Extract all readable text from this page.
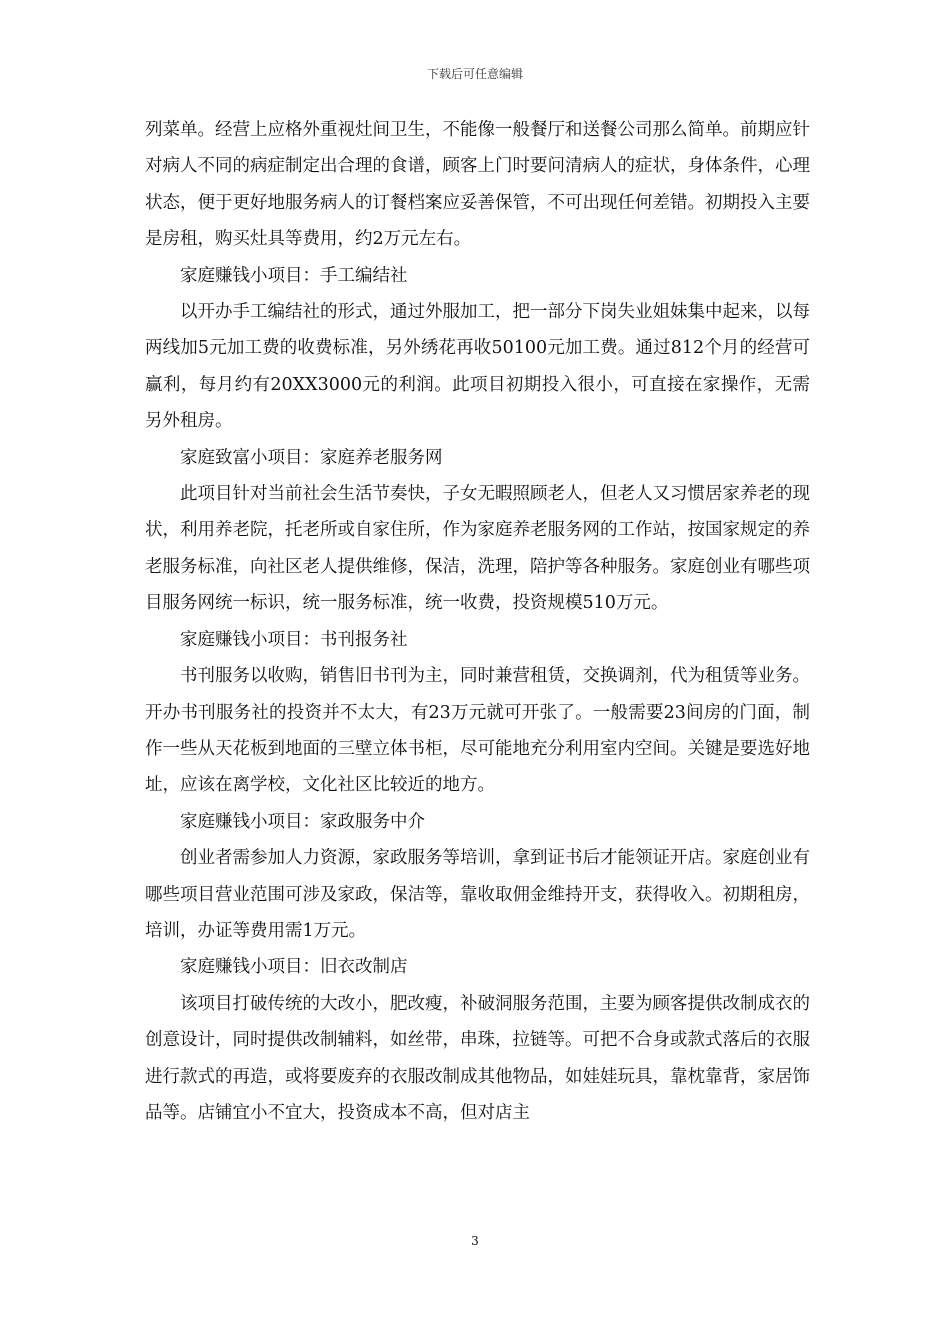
下载后可任意编辑

列菜单。经营上应格外重视灶间卫生，不能像一般餐厅和送餐公司那么简单。前期应针对病人不同的病症制定出合理的食谱，顾客上门时要问清病人的症状，身体条件，心理状态，便于更好地服务病人的订餐档案应妥善保管，不可出现任何差错。初期投入主要是房租，购买灶具等费用，约2万元左右。

家庭赚钱小项目：手工编结社

以开办手工编结社的形式，通过外服加工，把一部分下岗失业姐妹集中起来，以每两线加5元加工费的收费标准，另外绣花再收50100元加工费。通过812个月的经营可赢利，每月约有20XX3000元的利润。此项目初期投入很小，可直接在家操作，无需另外租房。

家庭致富小项目：家庭养老服务网

此项目针对当前社会生活节奏快，子女无暇照顾老人，但老人又习惯居家养老的现状，利用养老院，托老所或自家住所，作为家庭养老服务网的工作站，按国家规定的养老服务标准，向社区老人提供维修，保洁，洗理，陪护等各种服务。家庭创业有哪些项目服务网统一标识，统一服务标准，统一收费，投资规模510万元。

家庭赚钱小项目：书刊报务社

书刊服务以收购，销售旧书刊为主，同时兼营租赁，交换调剂，代为租赁等业务。开办书刊服务社的投资并不太大，有23万元就可开张了。一般需要23间房的门面，制作一些从天花板到地面的三壁立体书柜，尽可能地充分利用室内空间。关键是要选好地址，应该在离学校，文化社区比较近的地方。

家庭赚钱小项目：家政服务中介

创业者需参加人力资源，家政服务等培训，拿到证书后才能领证开店。家庭创业有哪些项目营业范围可涉及家政，保洁等，靠收取佣金维持开支，获得收入。初期租房，培训，办证等费用需1万元。

家庭赚钱小项目：旧衣改制店

该项目打破传统的大改小，肥改瘦，补破洞服务范围，主要为顾客提供改制成衣的创意设计，同时提供改制辅料，如丝带，串珠，拉链等。可把不合身或款式落后的衣服进行款式的再造，或将要废弃的衣服改制成其他物品，如娃娃玩具，靠枕靠背，家居饰品等。店铺宜小不宜大，投资成本不高，但对店主

3
